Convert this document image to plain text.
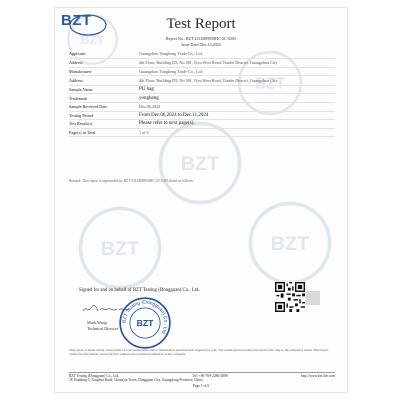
BZT
BZT
BZT
BZT	BZT
BZT	Test Report
Report No.: BZT-2312B09858HC-2C-0205
Issue Date: Dec.13,2024
Applicant	Guangzhou Yongheng Trade Co., Ltd.
Address	4th Floor, Building D5, No.381, Tiyu West Road, Tianhe District, Guangzhou City
Manufacturer	Guangzhou Yongheng Trade Co., Ltd.
Address	4th Floor, Building D5, No.381, Tiyu West Road, Tianhe District, Guangzhou City
Sample Name	PU bag
Trademark	yongheng
Sample Received Date	Dec.06,2024
Testing Period	From Dec.06,2024 to Dec.11,2024
Test Result(s)	Please refer to next page(s).
Page(s) in Total	1 of 6
Remark: This report is superseded by BZT-2312B09858HC-2C-0205 dated as follows.
Signed for and on behalf of BZT Testing (Dongguan) Co., Ltd.
Mark Wang
Technical Director
BZT Testing (Dongguan) Co., Ltd.
BZT
This report is made solely on the basis of your instructions and/or information and materials supplied by you. The results shown in this test report refer only to the sample(s) tested. This report cannot be reproduced, except in full, without prior written permission of the company.
BZT Testing (Dongguan) Co., Ltd.	Tel: +86-769-2286-2888	http://www.bzt-lab.com
1F, Building 3, Xinghua Road, Chang'an Town, Dongguan City, Guangdong Province, China
Page 1 of 6
